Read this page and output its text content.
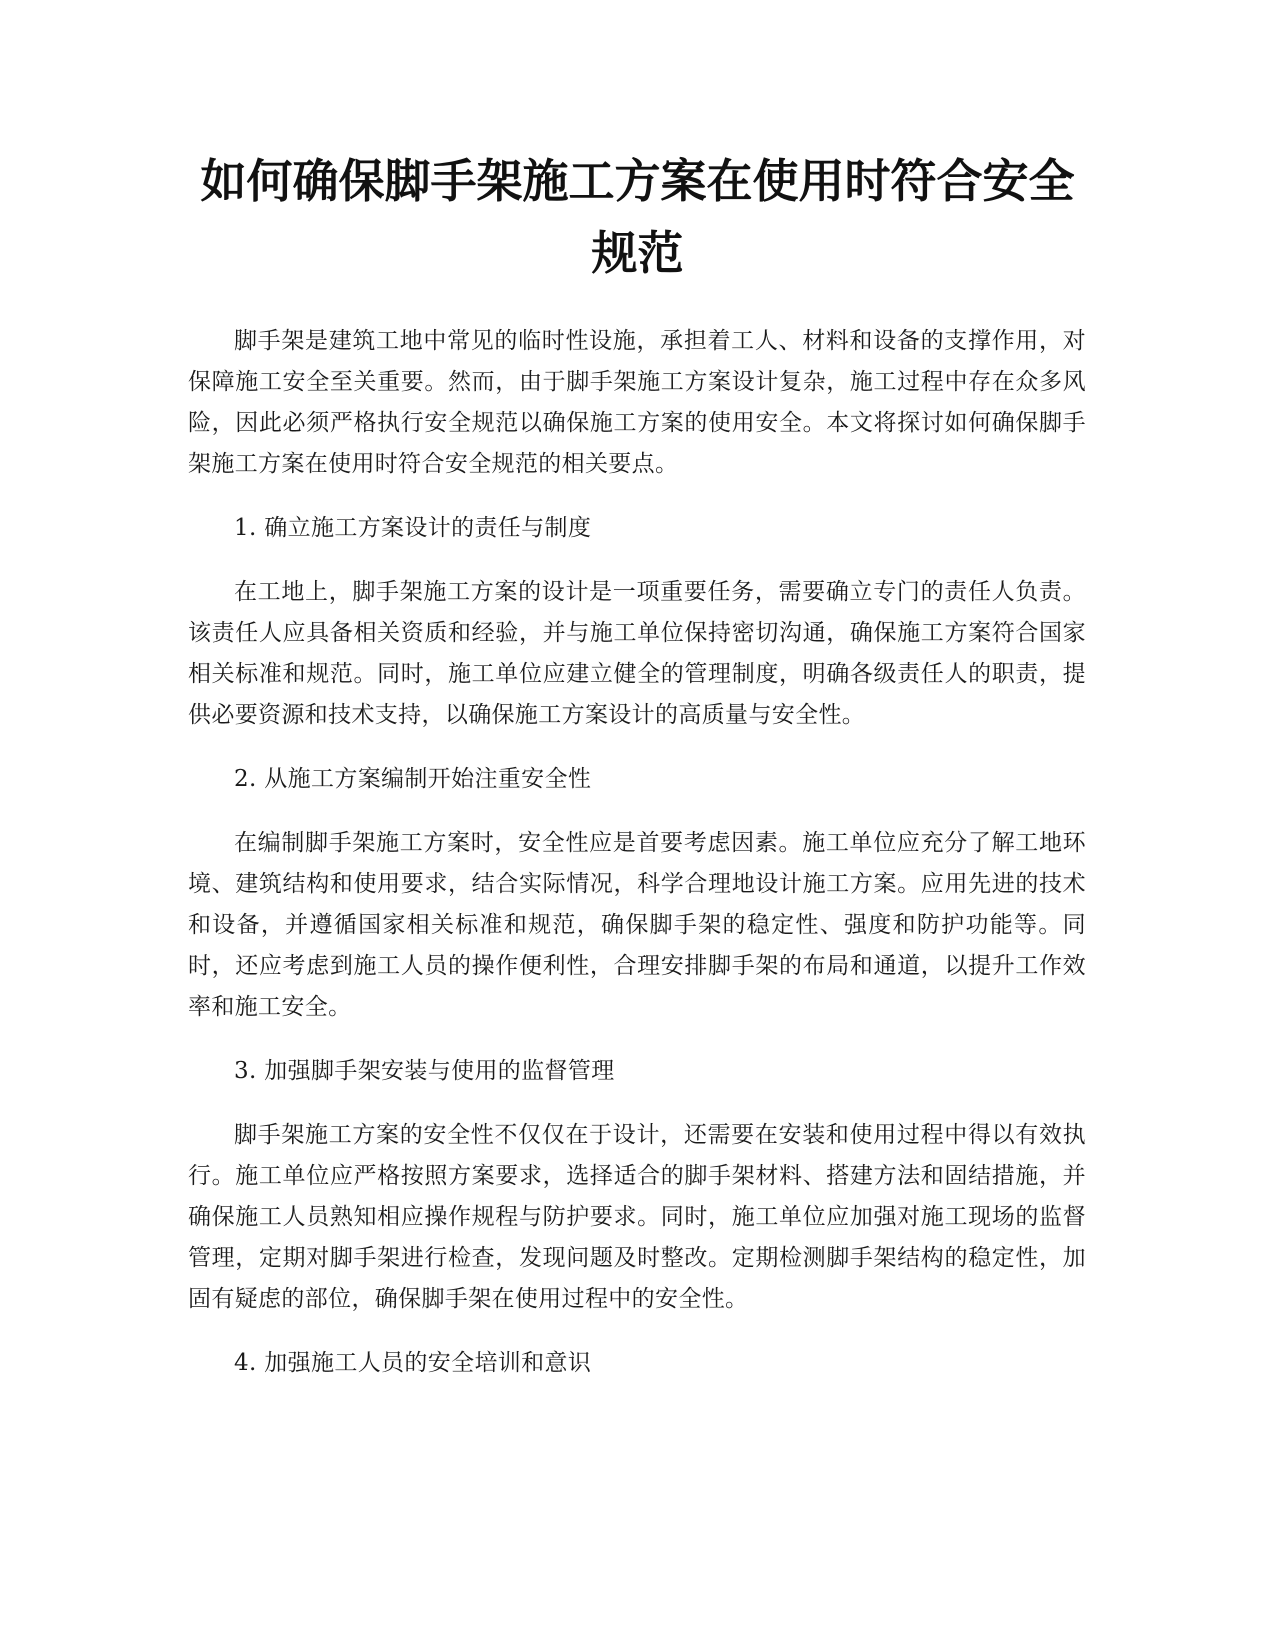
如何确保脚手架施工方案在使用时符合安全规范

脚手架是建筑工地中常见的临时性设施，承担着工人、材料和设备的支撑作用，对保障施工安全至关重要。然而，由于脚手架施工方案设计复杂，施工过程中存在众多风险，因此必须严格执行安全规范以确保施工方案的使用安全。本文将探讨如何确保脚手架施工方案在使用时符合安全规范的相关要点。

1. 确立施工方案设计的责任与制度

在工地上，脚手架施工方案的设计是一项重要任务，需要确立专门的责任人负责。该责任人应具备相关资质和经验，并与施工单位保持密切沟通，确保施工方案符合国家相关标准和规范。同时，施工单位应建立健全的管理制度，明确各级责任人的职责，提供必要资源和技术支持，以确保施工方案设计的高质量与安全性。

2. 从施工方案编制开始注重安全性

在编制脚手架施工方案时，安全性应是首要考虑因素。施工单位应充分了解工地环境、建筑结构和使用要求，结合实际情况，科学合理地设计施工方案。应用先进的技术和设备，并遵循国家相关标准和规范，确保脚手架的稳定性、强度和防护功能等。同时，还应考虑到施工人员的操作便利性，合理安排脚手架的布局和通道，以提升工作效率和施工安全。

3. 加强脚手架安装与使用的监督管理

脚手架施工方案的安全性不仅仅在于设计，还需要在安装和使用过程中得以有效执行。施工单位应严格按照方案要求，选择适合的脚手架材料、搭建方法和固结措施，并确保施工人员熟知相应操作规程与防护要求。同时，施工单位应加强对施工现场的监督管理，定期对脚手架进行检查，发现问题及时整改。定期检测脚手架结构的稳定性，加固有疑虑的部位，确保脚手架在使用过程中的安全性。

4. 加强施工人员的安全培训和意识
